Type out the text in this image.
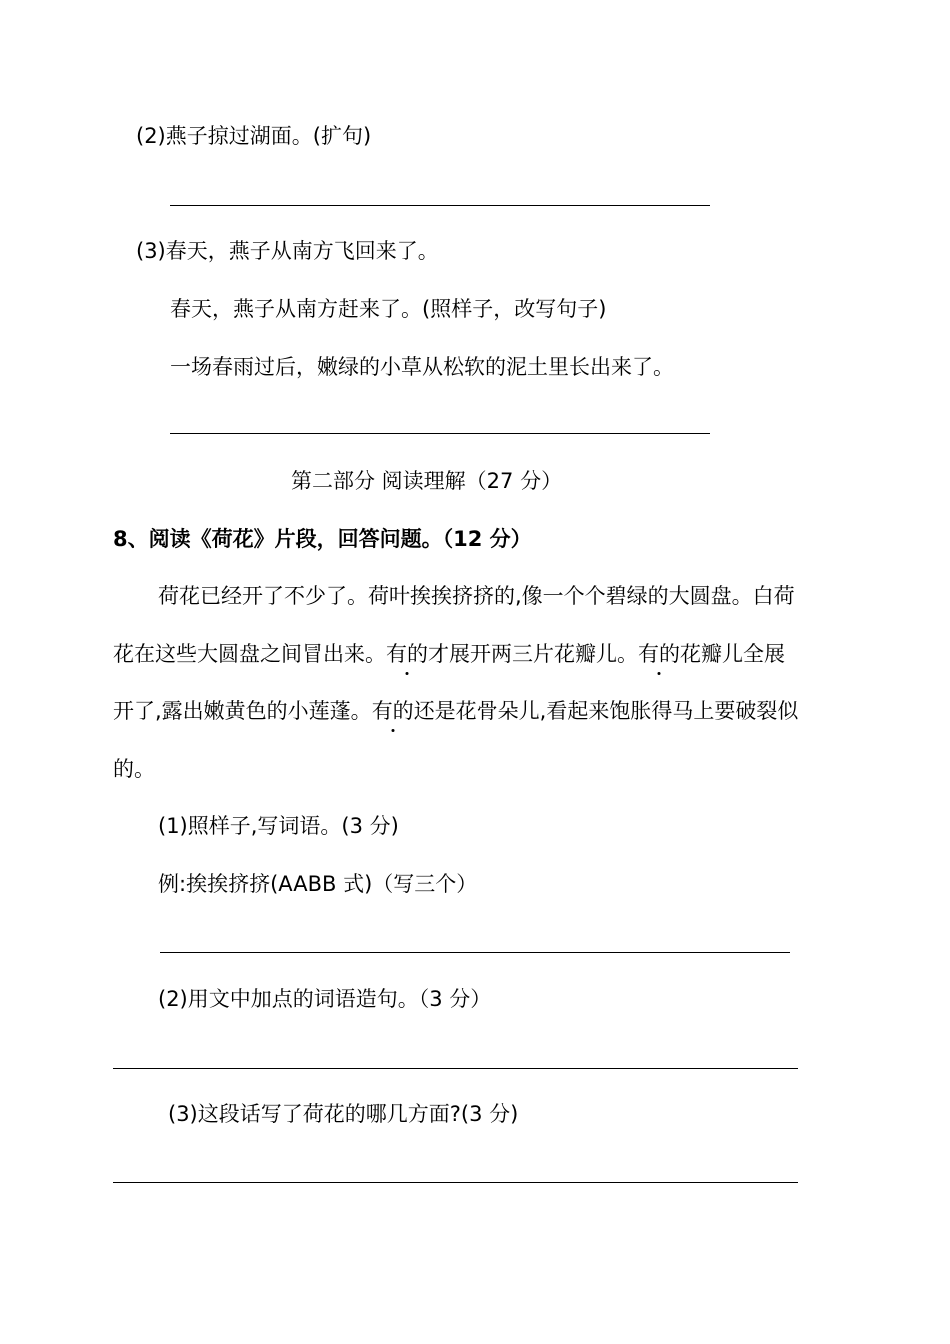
(2)燕子掠过湖面。(扩句)

(3)春天，燕子从南方飞回来了。

春天，燕子从南方赶来了。(照样子，改写句子)

一场春雨过后，嫩绿的小草从松软的泥土里长出来了。

第二部分 阅读理解（27 分）

8、阅读《荷花》片段，回答问题。（12 分）

荷花已经开了不少了。荷叶挨挨挤挤的,像一个个碧绿的大圆盘。白荷

花在这些大圆盘之间冒出来。有的才展开两三片花瓣儿。有的花瓣儿全展

开了,露出嫩黄色的小莲蓬。有的还是花骨朵儿,看起来饱胀得马上要破裂似

的。

(1)照样子,写词语。(3 分)

例:挨挨挤挤(AABB 式)（写三个）

(2)用文中加点的词语造句。（3 分）

(3)这段话写了荷花的哪几方面?(3 分)
